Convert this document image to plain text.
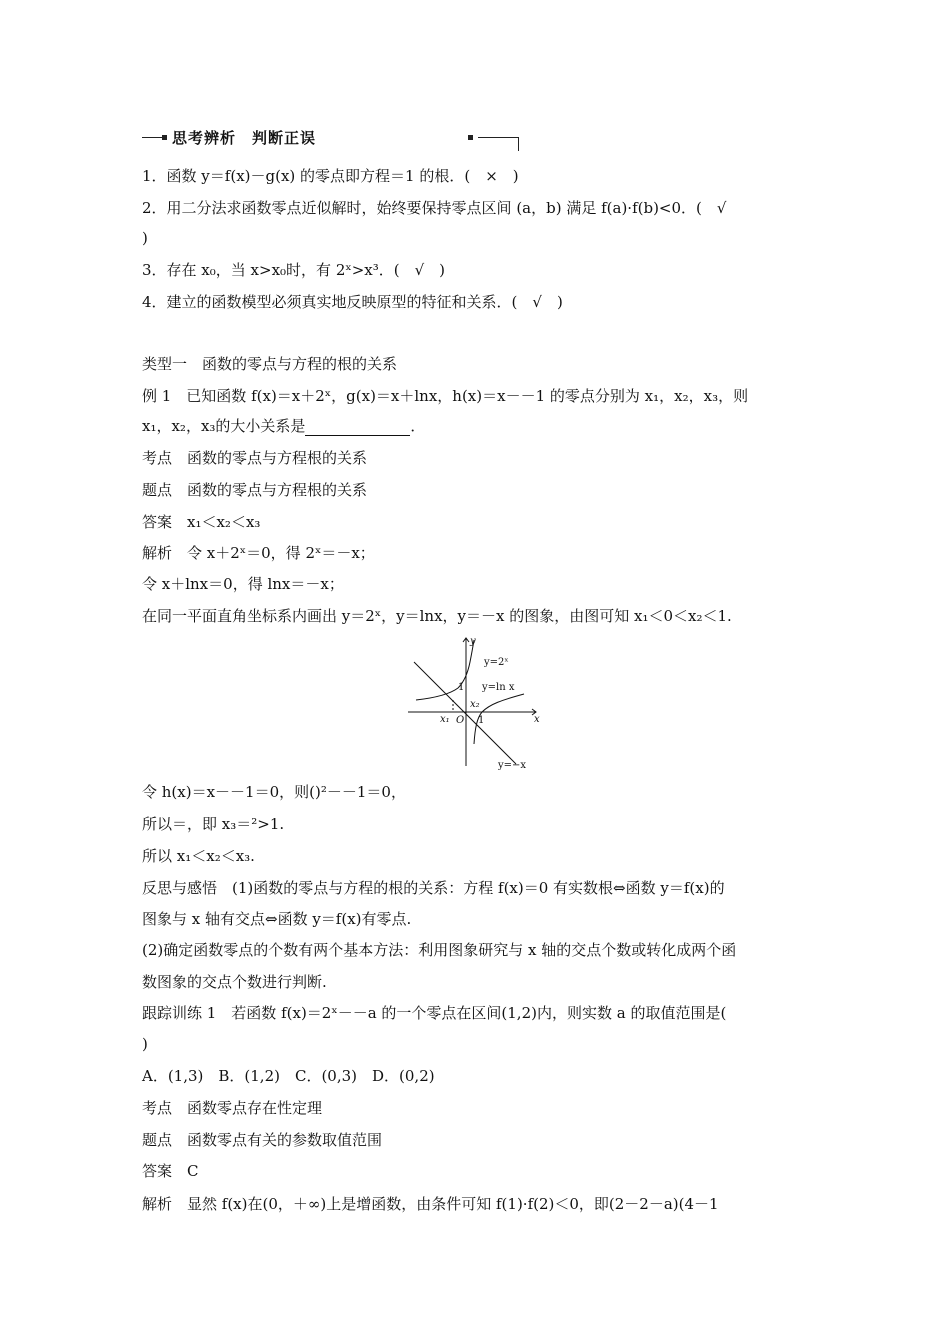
思考辨析　判断正误
1．函数 y＝f(x)－g(x) 的零点即方程＝1 的根．(　×　)
2．用二分法求函数零点近似解时，始终要保持零点区间 (a，b) 满足 f(a)·f(b)<0．(　√
)
3．存在 x₀，当 x>x₀时，有 2ˣ>x³．(　√　)
4．建立的函数模型必须真实地反映原型的特征和关系．(　√　)
类型一　函数的零点与方程的根的关系
例 1　已知函数 f(x)＝x＋2ˣ，g(x)＝x＋lnx，h(x)＝x－－1 的零点分别为 x₁，x₂，x₃，则
x₁，x₂，x₃的大小关系是	．
考点　函数的零点与方程根的关系
题点　函数的零点与方程根的关系
答案　x₁＜x₂＜x₃
解析　令 x＋2ˣ＝0，得 2ˣ＝－x；
令 x＋lnx＝0，得 lnx＝－x；
在同一平面直角坐标系内画出 y＝2ˣ，y＝lnx，y＝－x 的图象，由图可知 x₁＜0＜x₂＜1.
y
x
O
1
1
x₁
x₂
y=2ˣ
y=ln x
y=−x
令 h(x)＝x－－1＝0，则()²－－1＝0，
所以＝，即 x₃＝²>1.
所以 x₁＜x₂＜x₃.
反思与感悟　(1)函数的零点与方程的根的关系：方程 f(x)＝0 有实数根⇔函数 y＝f(x)的
图象与 x 轴有交点⇔函数 y＝f(x)有零点.
(2)确定函数零点的个数有两个基本方法：利用图象研究与 x 轴的交点个数或转化成两个函
数图象的交点个数进行判断.
跟踪训练 1　若函数 f(x)＝2ˣ－－a 的一个零点在区间(1,2)内，则实数 a 的取值范围是(
)
A．(1,3)　B．(1,2)　C．(0,3)　D．(0,2)
考点　函数零点存在性定理
题点　函数零点有关的参数取值范围
答案　C
解析　显然 f(x)在(0，＋∞)上是增函数，由条件可知 f(1)·f(2)＜0，即(2－2－a)(4－1
